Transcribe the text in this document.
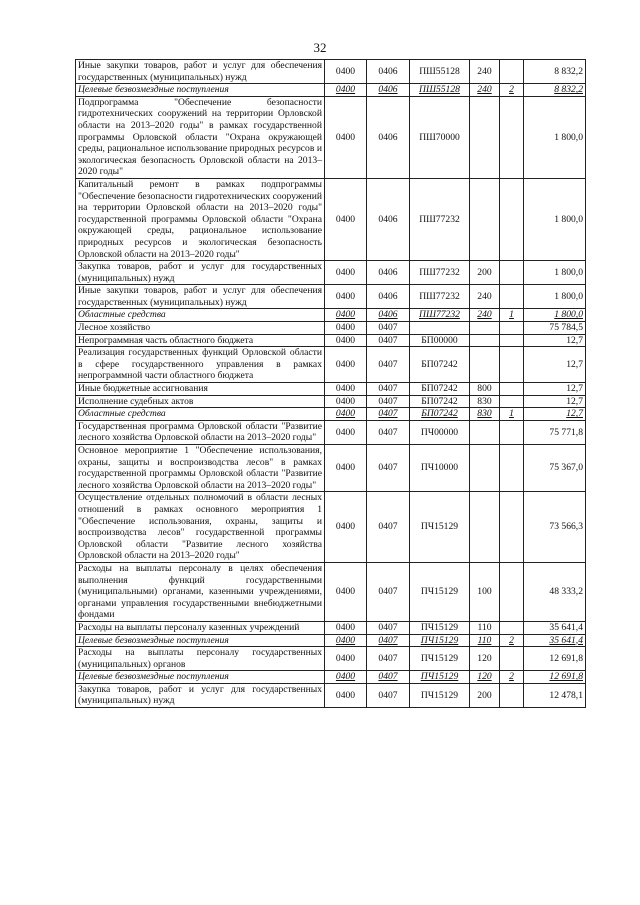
32
Иные закупки товаров, работ и услуг для обеспечения государственных (муниципальных) нужд	0400	0406	ПШ55128	240		8 832,2
Целевые безвозмездные поступления	0400	0406	ПШ55128	240	2	8 832,2
Подпрограмма "Обеспечение безопасности гидротехнических сооружений на территории Орловской области на 2013–2020 годы" в рамках государственной программы Орловской области "Охрана окружающей среды, рациональное использование природных ресурсов и экологическая безопасность Орловской области на 2013–2020 годы"	0400	0406	ПШ70000			1 800,0
Капитальный ремонт в рамках подпрограммы "Обеспечение безопасности гидротехнических сооружений на территории Орловской области на 2013–2020 годы" государственной программы Орловской области "Охрана окружающей среды, рациональное использование природных ресурсов и экологическая безопасность Орловской области на 2013–2020 годы"	0400	0406	ПШ77232			1 800,0
Закупка товаров, работ и услуг для государственных (муниципальных) нужд	0400	0406	ПШ77232	200		1 800,0
Иные закупки товаров, работ и услуг для обеспечения государственных (муниципальных) нужд	0400	0406	ПШ77232	240		1 800,0
Областные средства	0400	0406	ПШ77232	240	1	1 800,0
Лесное хозяйство	0400	0407				75 784,5
Непрограммная часть областного бюджета	0400	0407	БП00000			12,7
Реализация государственных функций Орловской области в сфере государственного управления в рамках непрограммной части областного бюджета	0400	0407	БП07242			12,7
Иные бюджетные ассигнования	0400	0407	БП07242	800		12,7
Исполнение судебных актов	0400	0407	БП07242	830		12,7
Областные средства	0400	0407	БП07242	830	1	12,7
Государственная программа Орловской области "Развитие лесного хозяйства Орловской области на 2013–2020 годы"	0400	0407	ПЧ00000			75 771,8
Основное мероприятие 1 "Обеспечение использования, охраны, защиты и воспроизводства лесов" в рамках государственной программы Орловской области "Развитие лесного хозяйства Орловской области на 2013–2020 годы"	0400	0407	ПЧ10000			75 367,0
Осуществление отдельных полномочий в области лесных отношений в рамках основного мероприятия 1 "Обеспечение использования, охраны, защиты и воспроизводства лесов" государственной программы Орловской области "Развитие лесного хозяйства Орловской области на 2013–2020 годы"	0400	0407	ПЧ15129			73 566,3
Расходы на выплаты персоналу в целях обеспечения выполнения функций государственными (муниципальными) органами, казенными учреждениями, органами управления государственными внебюджетными фондами	0400	0407	ПЧ15129	100		48 333,2
Расходы на выплаты персоналу казенных учреждений	0400	0407	ПЧ15129	110		35 641,4
Целевые безвозмездные поступления	0400	0407	ПЧ15129	110	2	35 641,4
Расходы на выплаты персоналу государственных (муниципальных) органов	0400	0407	ПЧ15129	120		12 691,8
Целевые безвозмездные поступления	0400	0407	ПЧ15129	120	2	12 691,8
Закупка товаров, работ и услуг для государственных (муниципальных) нужд	0400	0407	ПЧ15129	200		12 478,1
